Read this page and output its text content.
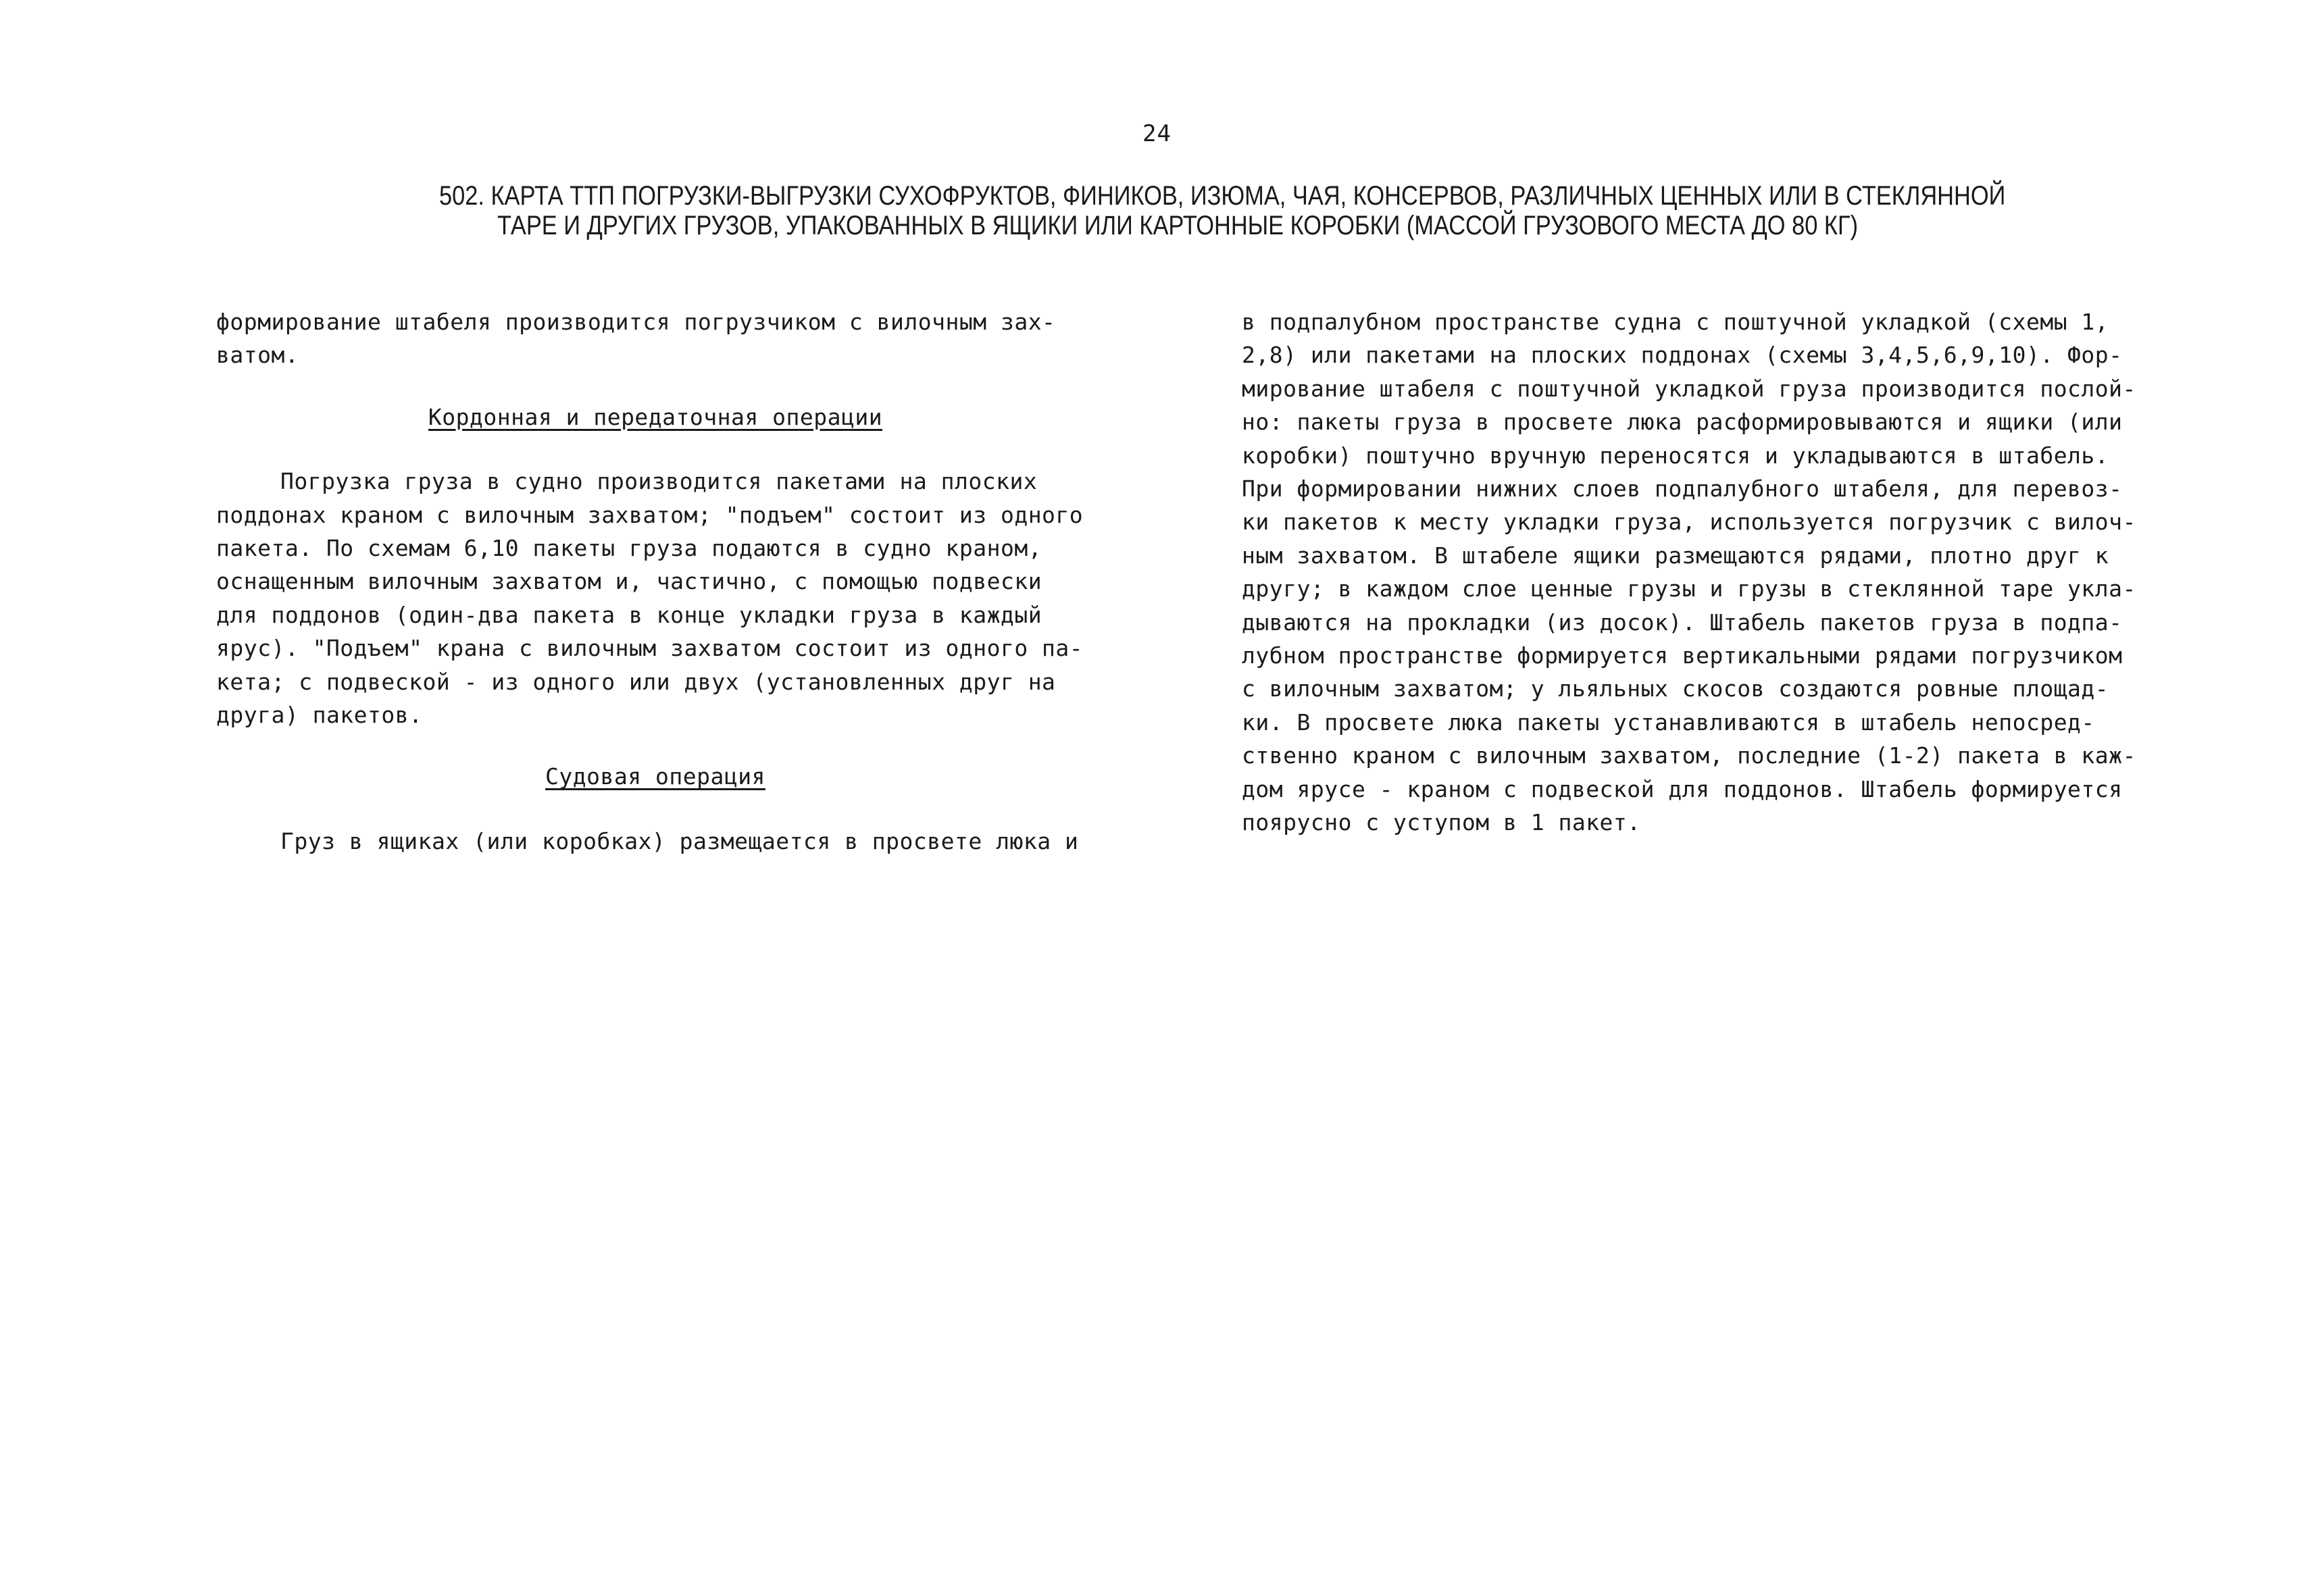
24
502. КАРТА ТТП ПОГРУЗКИ-ВЫГРУЗКИ СУХОФРУКТОВ, ФИНИКОВ, ИЗЮМА, ЧАЯ, КОНСЕРВОВ, РАЗЛИЧНЫХ ЦЕННЫХ ИЛИ В СТЕКЛЯННОЙ
ТАРЕ И ДРУГИХ ГРУЗОВ, УПАКОВАННЫХ В ЯЩИКИ ИЛИ КАРТОННЫЕ КОРОБКИ (МАССОЙ ГРУЗОВОГО МЕСТА ДО 80 КГ)
формирование штабеля производится погрузчиком с вилочным зах-
ватом.
Кордонная и передаточная операции
Погрузка груза в судно производится пакетами на плоских
поддонах краном с вилочным захватом; "подъем" состоит из одного
пакета. По схемам 6,10 пакеты груза подаются в судно краном,
оснащенным вилочным захватом и, частично, с помощью подвески
для поддонов (один-два пакета в конце укладки груза в каждый
ярус). "Подъем" крана с вилочным захватом состоит из одного па-
кета; с подвеской - из одного или двух (установленных друг на
друга) пакетов.
Судовая операция
Груз в ящиках (или коробках) размещается в просвете люка и
в подпалубном пространстве судна с поштучной укладкой (схемы 1,
2,8) или пакетами на плоских поддонах (схемы 3,4,5,6,9,10). Фор-
мирование штабеля с поштучной укладкой груза производится послой-
но: пакеты груза в просвете люка расформировываются и ящики (или
коробки) поштучно вручную переносятся и укладываются в штабель.
При формировании нижних слоев подпалубного штабеля, для перевоз-
ки пакетов к месту укладки груза, используется погрузчик с вилоч-
ным захватом. В штабеле ящики размещаются рядами, плотно друг к
другу; в каждом слое ценные грузы и грузы в стеклянной таре укла-
дываются на прокладки (из досок). Штабель пакетов груза в подпа-
лубном пространстве формируется вертикальными рядами погрузчиком
с вилочным захватом; у льяльных скосов создаются ровные площад-
ки. В просвете люка пакеты устанавливаются в штабель непосред-
ственно краном с вилочным захватом, последние (1-2) пакета в каж-
дом ярусе - краном с подвеской для поддонов. Штабель формируется
поярусно с уступом в 1 пакет.
